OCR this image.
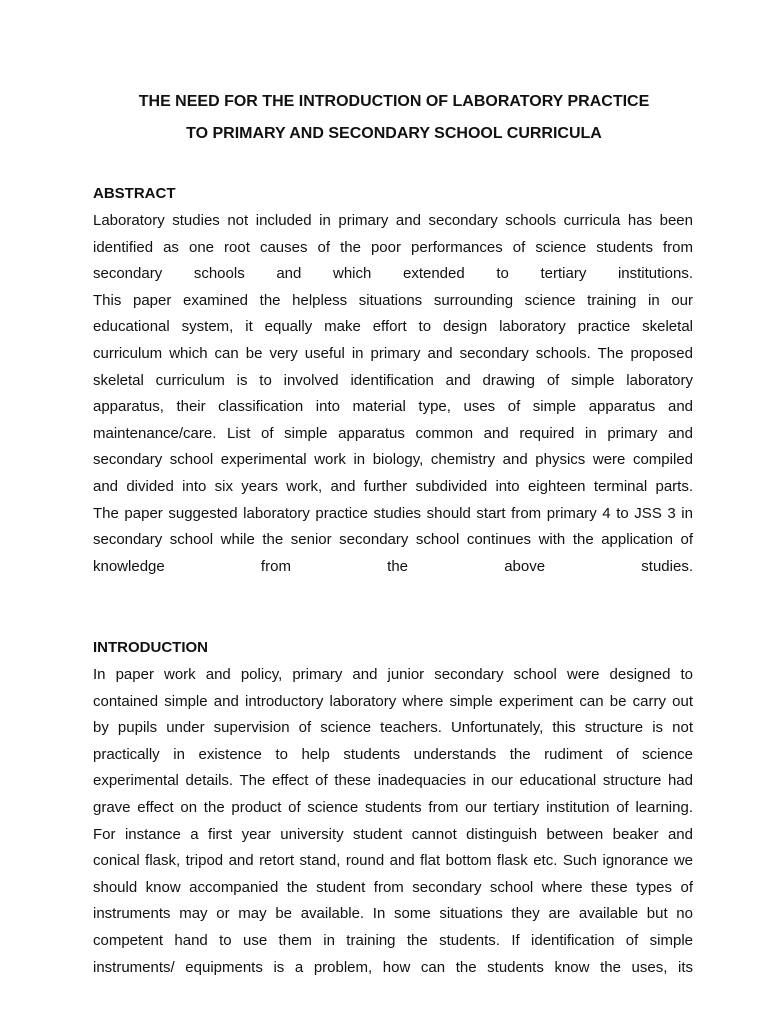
THE NEED FOR THE INTRODUCTION OF LABORATORY PRACTICE
TO PRIMARY AND SECONDARY SCHOOL CURRICULA
ABSTRACT
Laboratory studies not included in primary and secondary schools curricula has been
identified as one root causes of the poor performances of science students from
secondary schools and which extended to tertiary institutions.
This paper examined the helpless situations surrounding science training in our
educational system, it equally make effort to design laboratory practice skeletal
curriculum which can be very useful in primary and secondary schools. The proposed
skeletal curriculum is to involved identification and drawing of simple laboratory
apparatus, their classification into material type, uses of simple apparatus and
maintenance/care. List of simple apparatus common and required in primary and
secondary school experimental work in biology, chemistry and physics were compiled
and divided into six years work, and further subdivided into eighteen terminal parts.
The paper suggested laboratory practice studies should start from primary 4 to JSS 3 in
secondary school while the senior secondary school continues with the application of
knowledge from the above studies.
INTRODUCTION
In paper work and policy, primary and junior secondary school were designed to
contained simple and introductory laboratory where simple experiment can be carry out
by pupils under supervision of science teachers. Unfortunately, this structure is not
practically in existence to help students understands the rudiment of science
experimental details. The effect of these inadequacies in our educational structure had
grave effect on the product of science students from our tertiary institution of learning.
For instance a first year university student cannot distinguish between beaker and
conical flask, tripod and retort stand, round and flat bottom flask etc. Such ignorance we
should know accompanied the student from secondary school where these types of
instruments may or may be available. In some situations they are available but no
competent hand to use them in training the students. If identification of simple
instruments/ equipments is a problem, how can the students know the uses, its
